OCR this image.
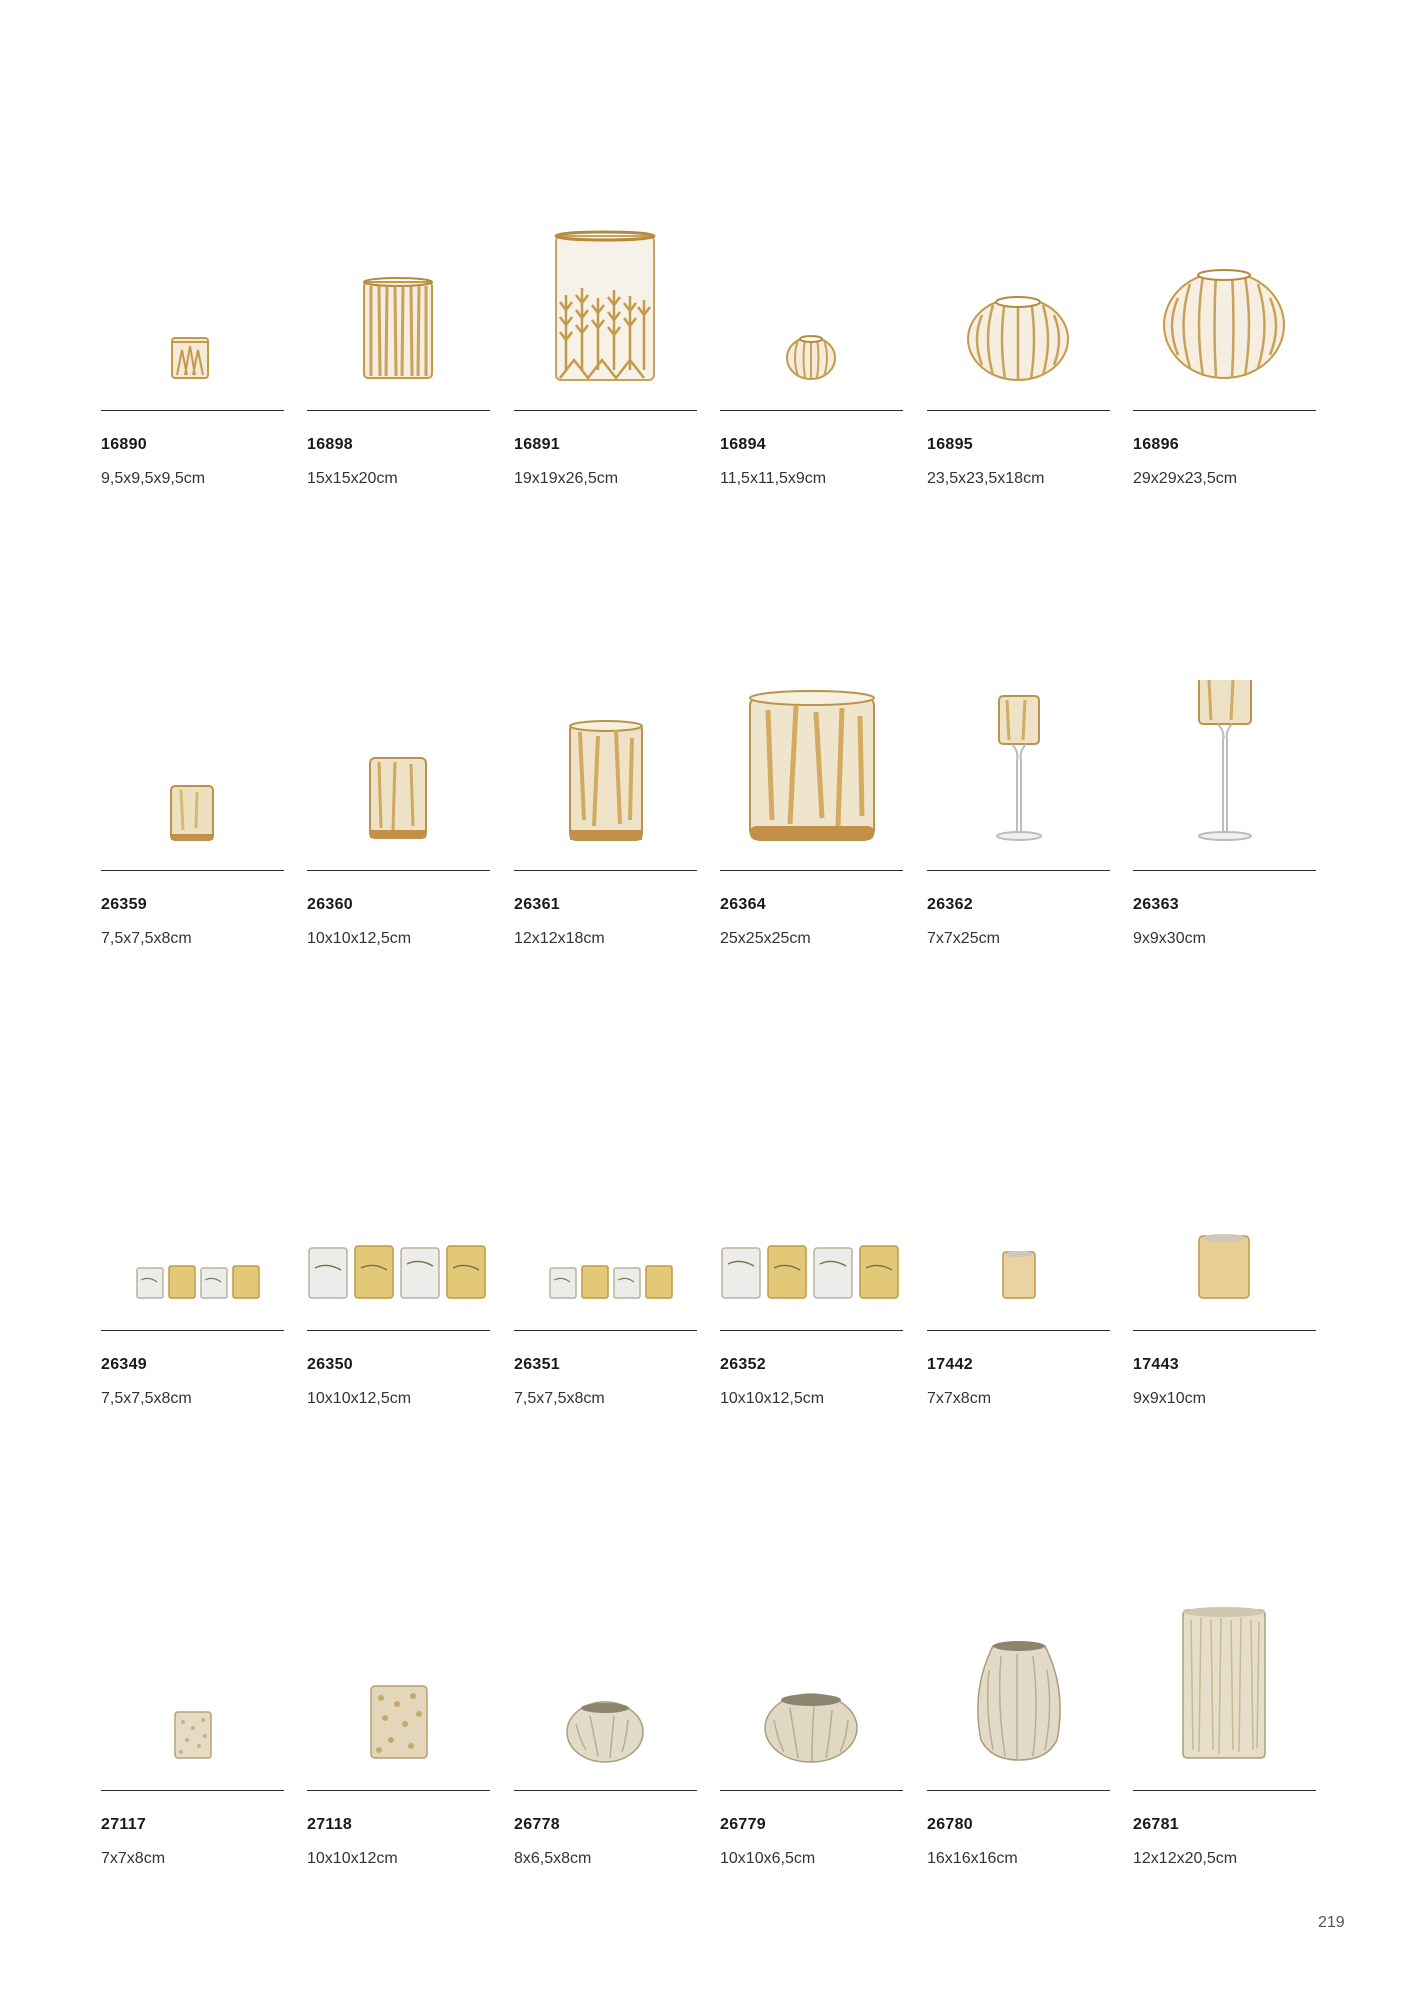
16890
9,5x9,5x9,5cm
16898
15x15x20cm
16891
19x19x26,5cm
16894
11,5x11,5x9cm
16895
23,5x23,5x18cm
16896
29x29x23,5cm
26359
7,5x7,5x8cm
26360
10x10x12,5cm
26361
12x12x18cm
26364
25x25x25cm
26362
7x7x25cm
26363
9x9x30cm
26349
7,5x7,5x8cm
26350
10x10x12,5cm
26351
7,5x7,5x8cm
26352
10x10x12,5cm
17442
7x7x8cm
17443
9x9x10cm
27117
7x7x8cm
27118
10x10x12cm
26778
8x6,5x8cm
26779
10x10x6,5cm
26780
16x16x16cm
26781
12x12x20,5cm
219
